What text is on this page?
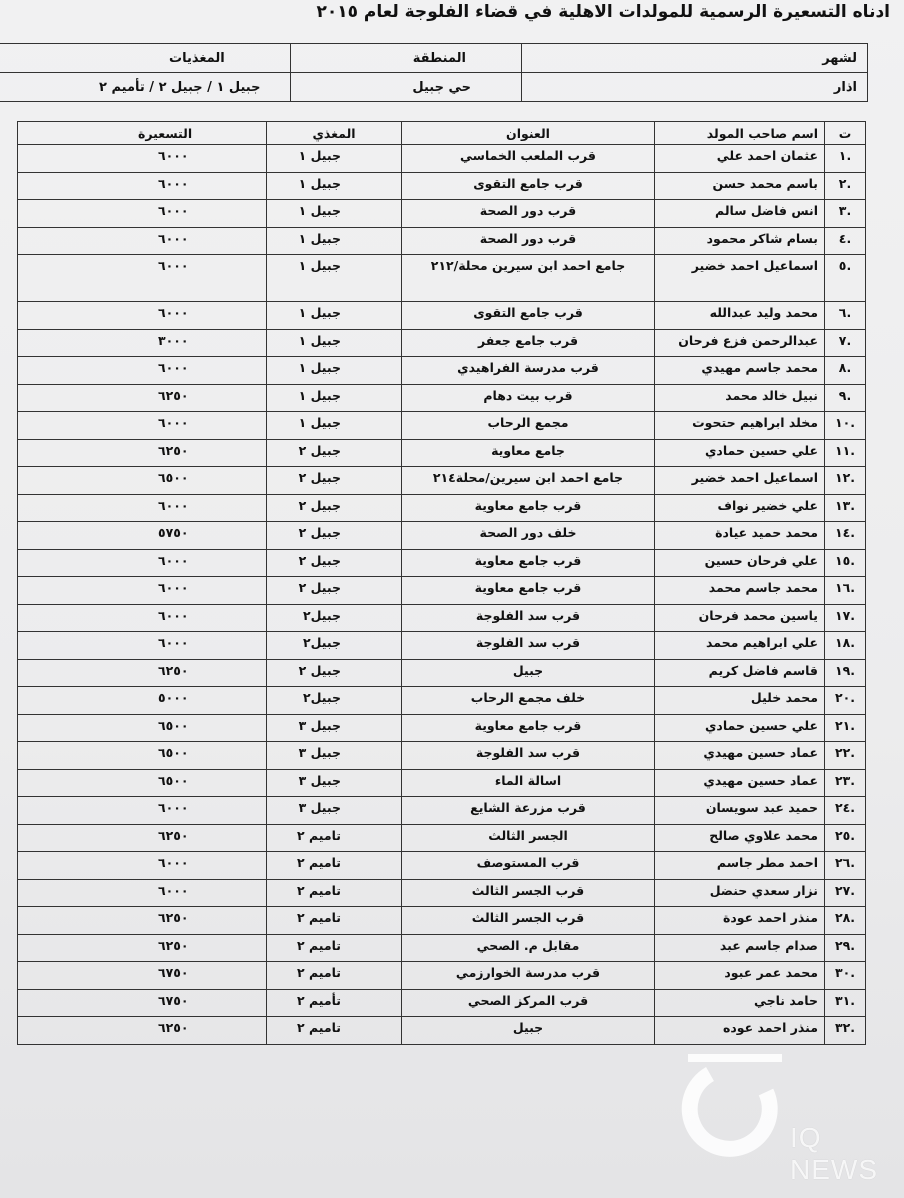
ادناه التسعيرة الرسمية للمولدات الاهلية في قضاء الفلوجة لعام ٢٠١٥
لشهر	المنطقة	المغذيات
اذار	حي جبيل	جبيل ١ / جبيل ٢ / تأميم ٢
ت	اسم صاحب المولد	العنوان	المغذي	التسعيرة
.١	عثمان احمد علي	قرب الملعب الخماسي	جبيل ١	٦٠٠٠
.٢	باسم محمد حسن	قرب جامع التقوى	جبيل ١	٦٠٠٠
.٣	انس فاضل سالم	قرب دور الصحة	جبيل ١	٦٠٠٠
.٤	بسام شاكر محمود	قرب دور الصحة	جبيل ١	٦٠٠٠
.٥	اسماعيل احمد خضير	جامع احمد ابن سيرين محلة/٢١٢	جبيل ١	٦٠٠٠
.٦	محمد وليد عبدالله	قرب جامع التقوى	جبيل ١	٦٠٠٠
.٧	عبدالرحمن فزع فرحان	قرب جامع جعفر	جبيل ١	٣٠٠٠
.٨	محمد جاسم مهيدي	قرب مدرسة الفراهيدي	جبيل ١	٦٠٠٠
.٩	نبيل خالد محمد	قرب بيت دهام	جبيل ١	٦٢٥٠
.١٠	مخلد ابراهيم حتحوت	مجمع الرحاب	جبيل ١	٦٠٠٠
.١١	علي حسين حمادي	جامع معاوية	جبيل ٢	٦٢٥٠
.١٢	اسماعيل احمد خضير	جامع احمد ابن سيرين/محلة٢١٤	جبيل ٢	٦٥٠٠
.١٣	علي خضير نواف	قرب جامع معاوية	جبيل ٢	٦٠٠٠
.١٤	محمد حميد عيادة	خلف دور الصحة	جبيل ٢	٥٧٥٠
.١٥	علي فرحان حسين	قرب جامع معاوية	جبيل ٢	٦٠٠٠
.١٦	محمد جاسم محمد	قرب جامع معاوية	جبيل ٢	٦٠٠٠
.١٧	ياسين محمد فرحان	قرب سد الفلوجة	جبيل٢	٦٠٠٠
.١٨	علي ابراهيم محمد	قرب سد الفلوجة	جبيل٢	٦٠٠٠
.١٩	قاسم فاضل كريم	جبيل	جبيل ٢	٦٢٥٠
.٢٠	محمد خليل	خلف مجمع الرحاب	جبيل٢	٥٠٠٠
.٢١	علي حسين حمادي	قرب جامع معاوية	جبيل ٣	٦٥٠٠
.٢٢	عماد حسين مهيدي	قرب سد الفلوجة	جبيل ٣	٦٥٠٠
.٢٣	عماد حسين مهيدي	اسالة الماء	جبيل ٣	٦٥٠٠
.٢٤	حميد عبد سويسان	قرب مزرعة الشايع	جبيل ٣	٦٠٠٠
.٢٥	محمد علاوي صالح	الجسر الثالث	تاميم ٢	٦٢٥٠
.٢٦	احمد مطر جاسم	قرب المستوصف	تاميم ٢	٦٠٠٠
.٢٧	نزار سعدي حنضل	قرب الجسر الثالث	تاميم ٢	٦٠٠٠
.٢٨	منذر احمد عودة	قرب الجسر الثالث	تاميم ٢	٦٢٥٠
.٢٩	صدام جاسم عبد	مقابل م. الصحي	تاميم ٢	٦٢٥٠
.٣٠	محمد عمر عبود	قرب مدرسة الخوارزمي	تاميم ٢	٦٧٥٠
.٣١	حامد ناجي	قرب المركز الصحي	تأميم ٢	٦٧٥٠
.٣٢	منذر احمد عوده	جبيل	تاميم ٢	٦٢٥٠
IQ NEWS
